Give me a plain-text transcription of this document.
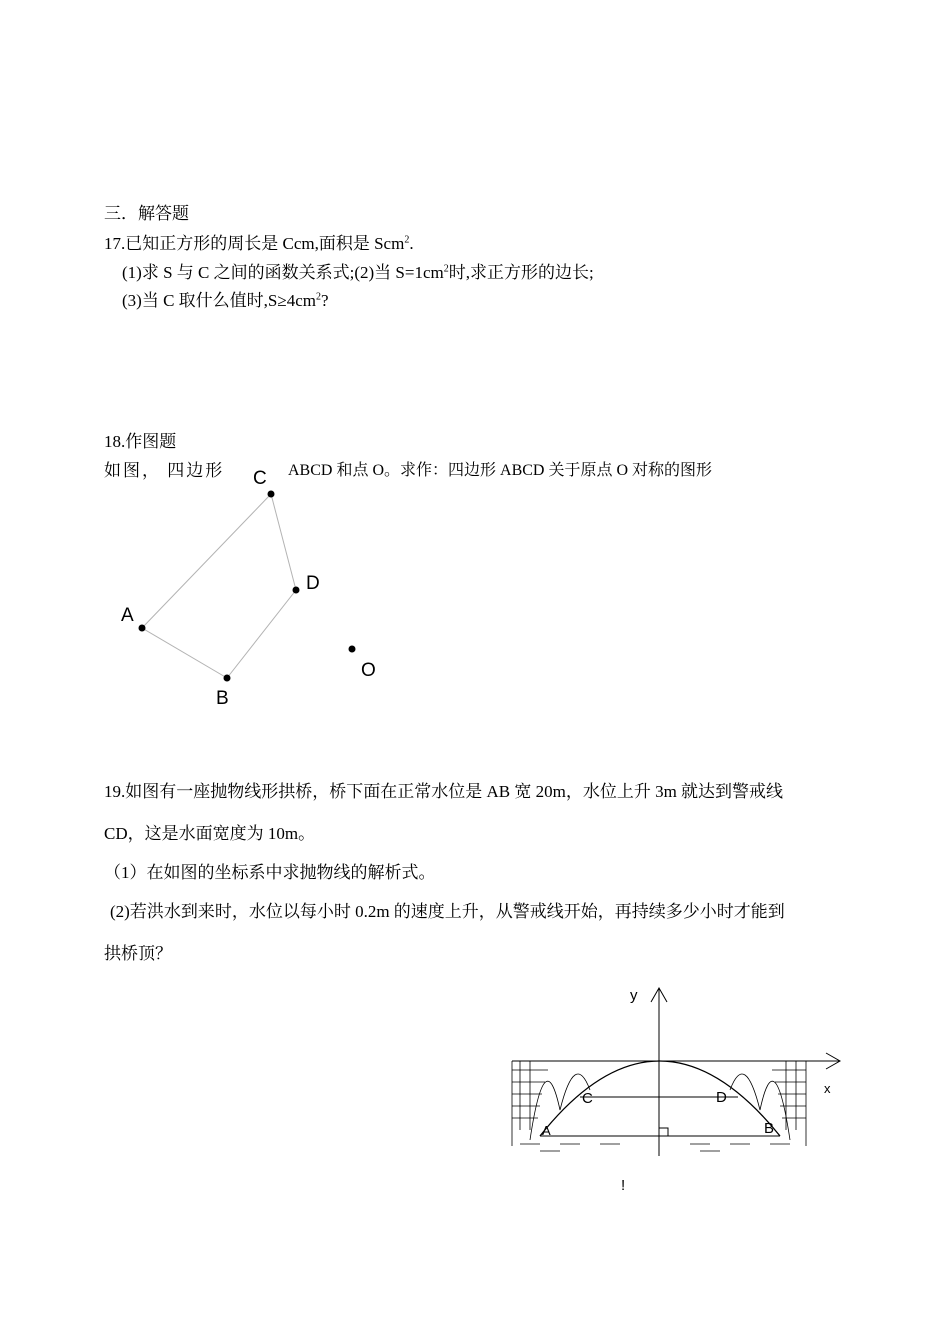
三．解答题
17.已知正方形的周长是 Ccm,面积是 Scm$^2$.
(1)求 S 与 C 之间的函数关系式;(2)当 $S=1cm^2$时,求正方形的边长;
(3)当 C 取什么值时$,S\ge 4cm^2$?
18.作图题
如图， 四边形	ABCD 和点 O。求作：四边形 ABCD 关于原点 O 对称的图形
C
D
A
O
B
19.如图有一座抛物线形拱桥，桥下面在正常水位是 AB 宽 20m，水位上升 3m 就达到警戒线
CD，这是水面宽度为 10m。
（1）在如图的坐标系中求抛物线的解析式。
(2)若洪水到来时，水位以每小时 0.2m 的速度上升，从警戒线开始，再持续多少小时才能到
拱桥顶？
y
x
C	D
A	B
!
